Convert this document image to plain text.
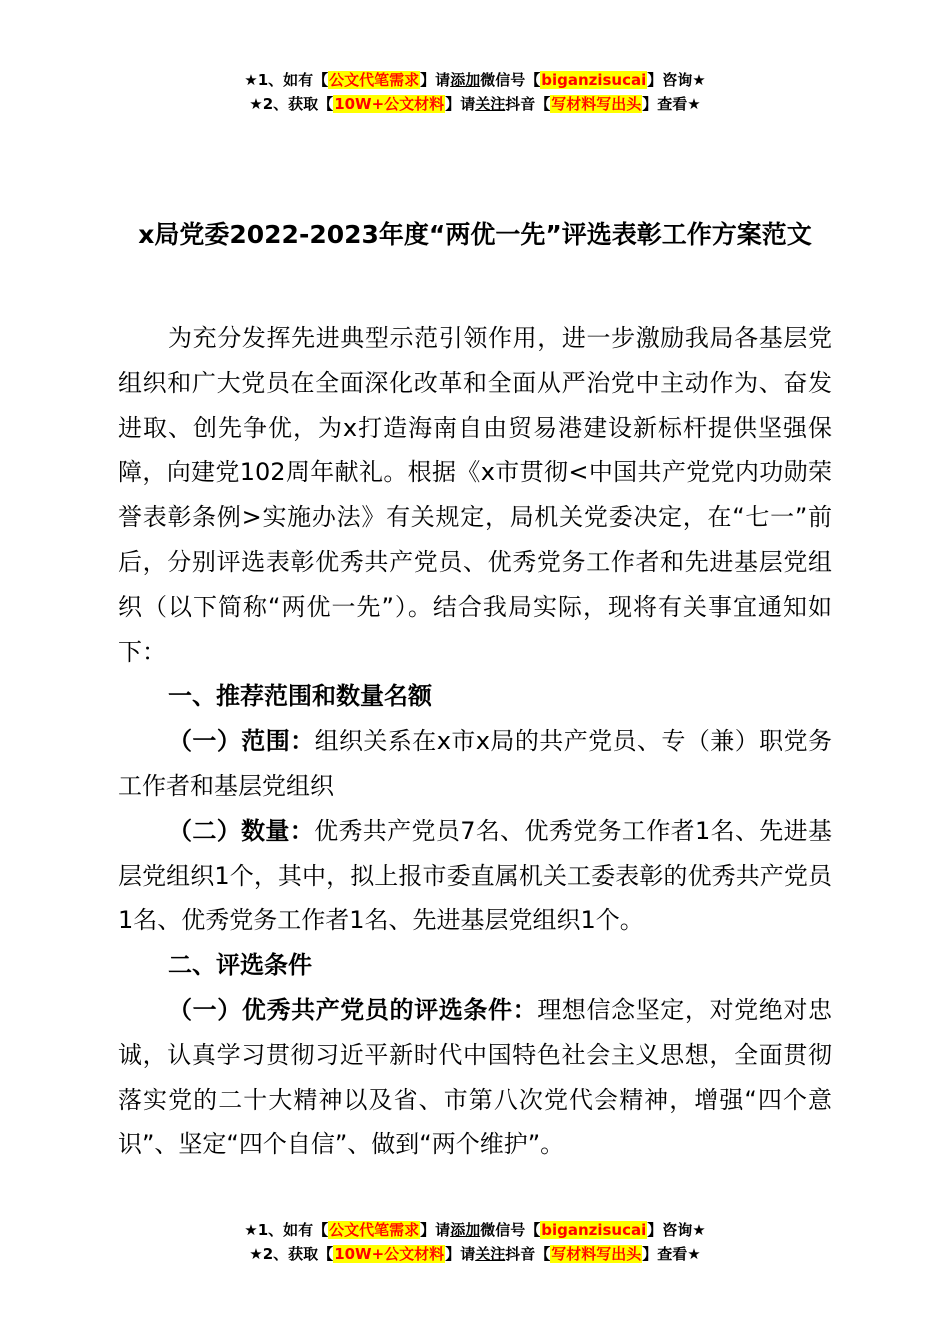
★1、如有【公文代笔需求】请添加微信号【biganzisucai】咨询★
★2、获取【10W+公文材料】请关注抖音【写材料写出头】查看★
x局党委2022-2023年度“两优一先”评选表彰工作方案范文

为充分发挥先进典型示范引领作用，进一步激励我局各基层党组织和广大党员在全面深化改革和全面从严治党中主动作为、奋发进取、创先争优，为x打造海南自由贸易港建设新标杆提供坚强保障，向建党102周年献礼。根据《x市贯彻<中国共产党党内功勋荣誉表彰条例>实施办法》有关规定，局机关党委决定，在“七一”前后，分别评选表彰优秀共产党员、优秀党务工作者和先进基层党组织（以下简称“两优一先”）。结合我局实际，现将有关事宜通知如下：

一、推荐范围和数量名额

（一）范围：组织关系在x市x局的共产党员、专（兼）职党务工作者和基层党组织

（二）数量：优秀共产党员7名、优秀党务工作者1名、先进基层党组织1个，其中，拟上报市委直属机关工委表彰的优秀共产党员1名、优秀党务工作者1名、先进基层党组织1个。

二、评选条件

（一）优秀共产党员的评选条件：理想信念坚定，对党绝对忠诚，认真学习贯彻习近平新时代中国特色社会主义思想，全面贯彻落实党的二十大精神以及省、市第八次党代会精神，增强“四个意识”、坚定“四个自信”、做到“两个维护”。

★1、如有【公文代笔需求】请添加微信号【biganzisucai】咨询★
★2、获取【10W+公文材料】请关注抖音【写材料写出头】查看★
